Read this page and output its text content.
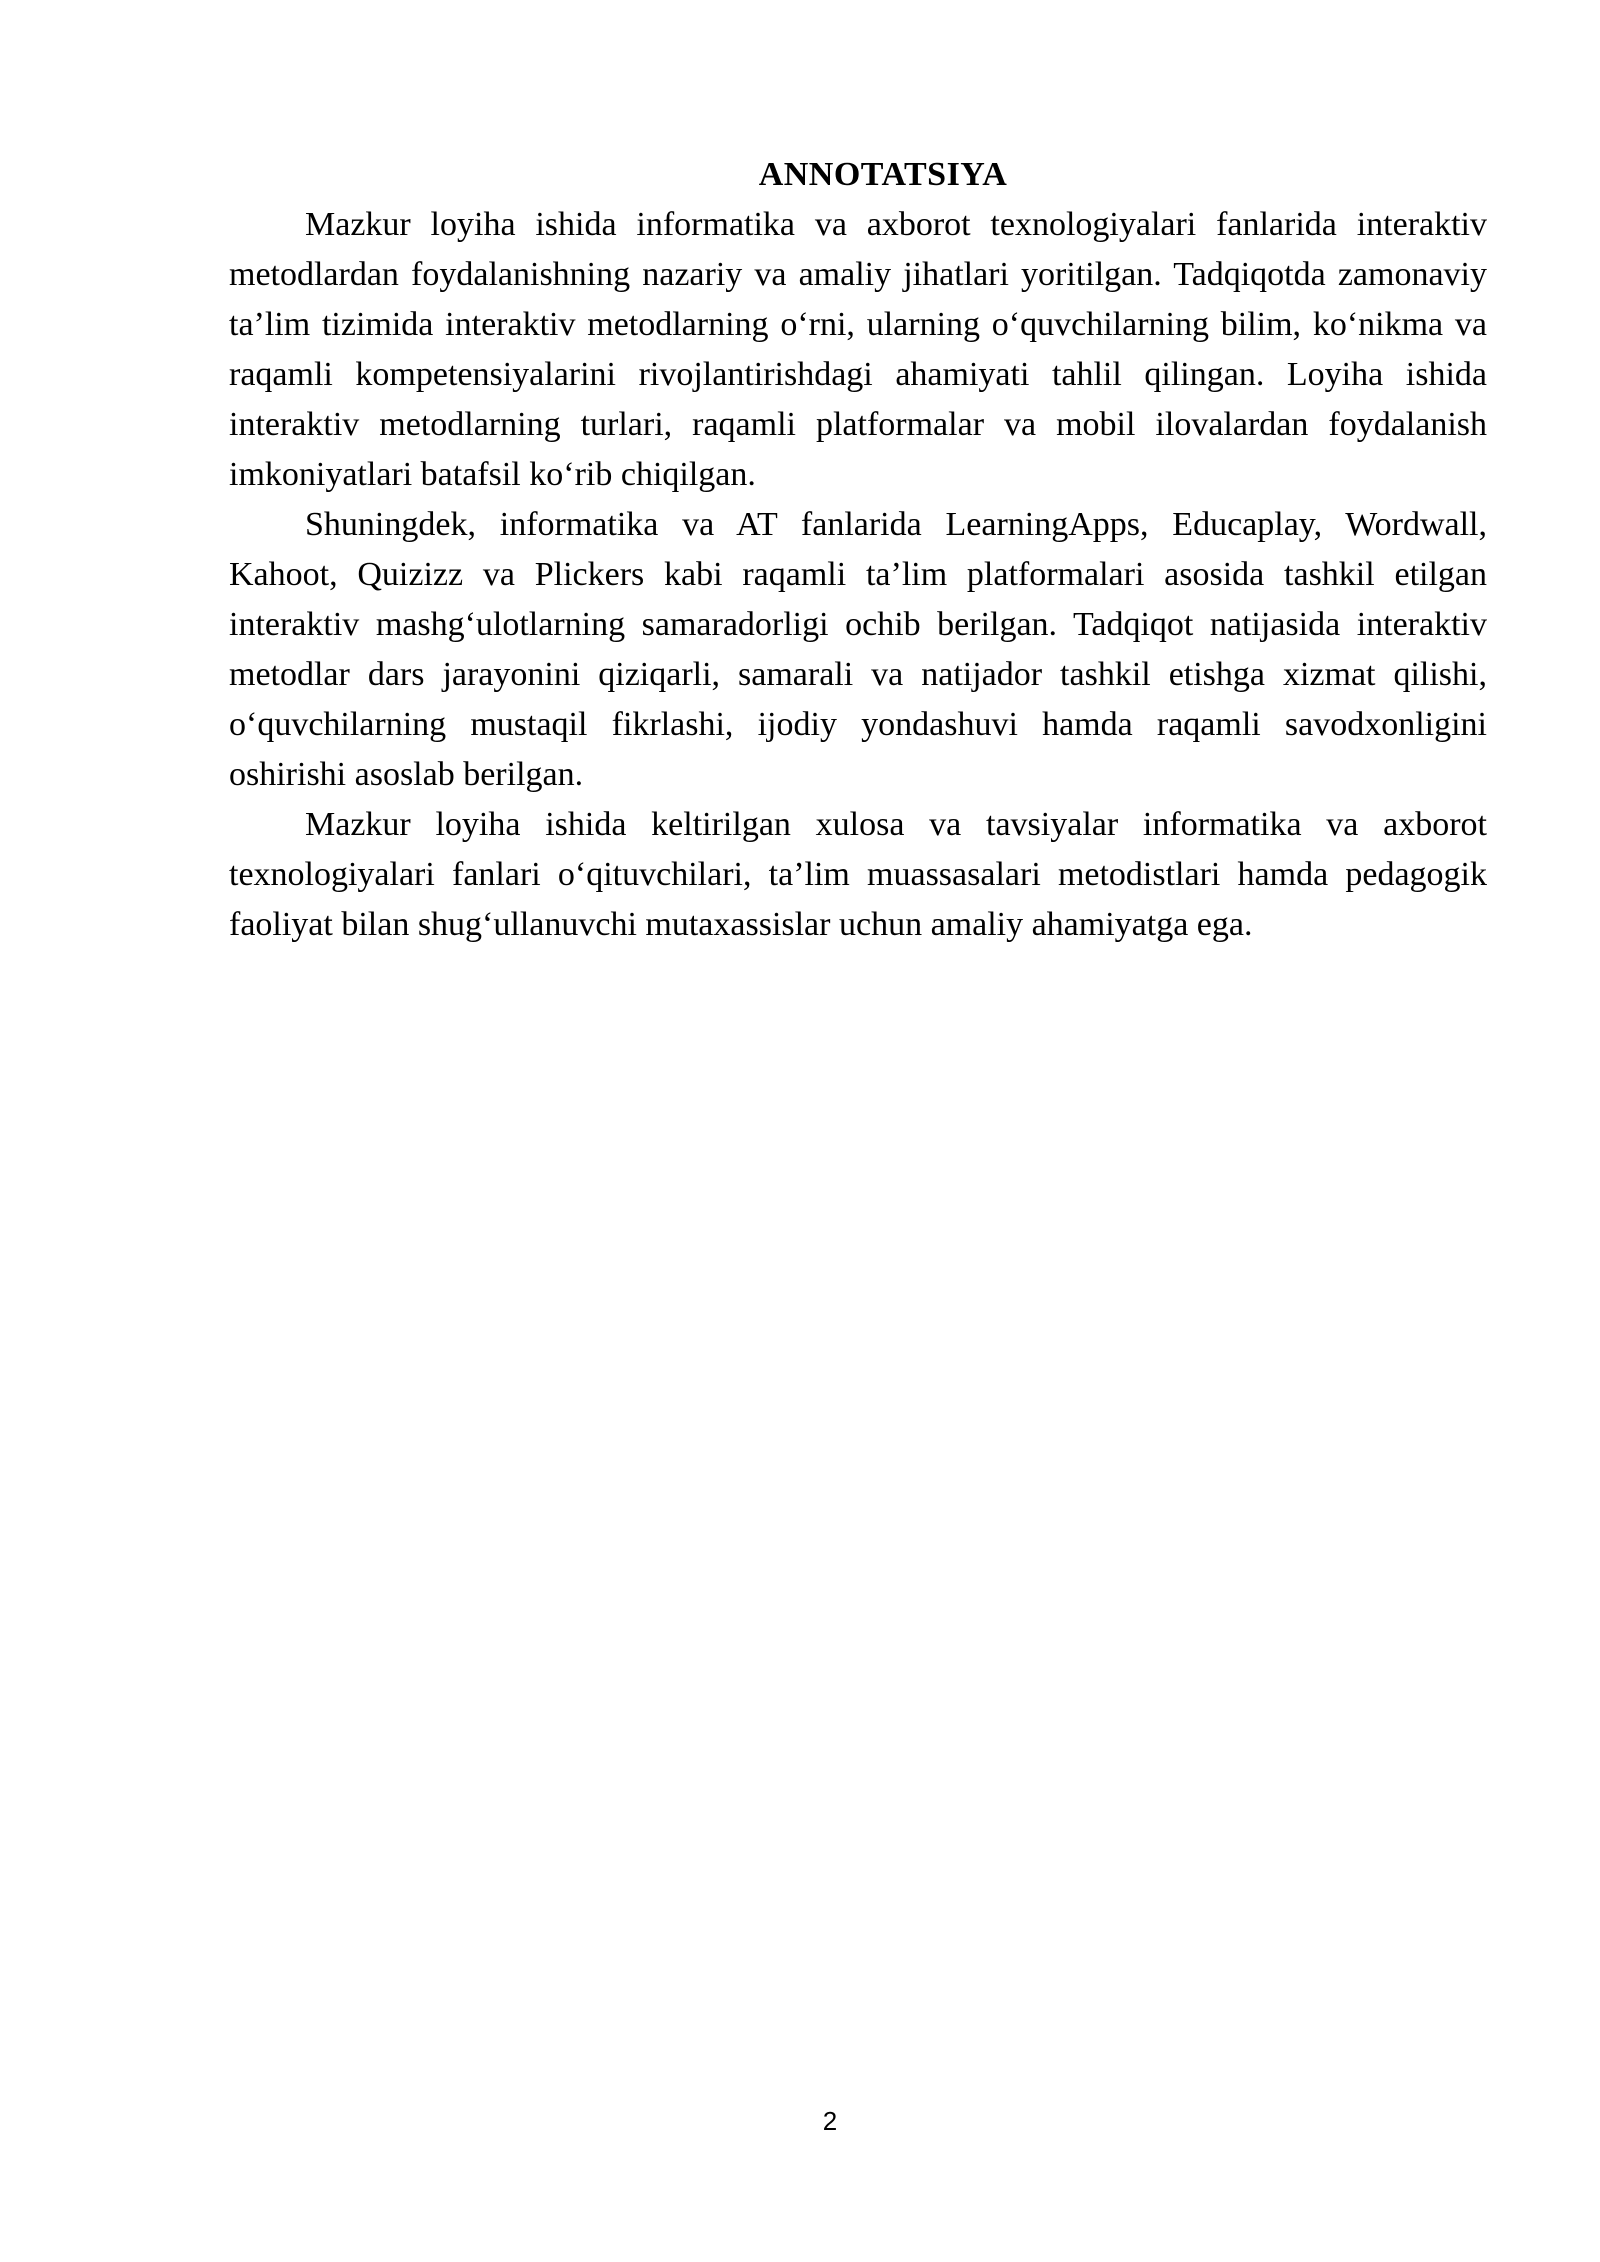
ANNOTATSIYA

Mazkur loyiha ishida informatika va axborot texnologiyalari fanlarida interaktiv metodlardan foydalanishning nazariy va amaliy jihatlari yoritilgan. Tadqiqotda zamonaviy ta’lim tizimida interaktiv metodlarning o‘rni, ularning o‘quvchilarning bilim, ko‘nikma va raqamli kompetensiyalarini rivojlantirishdagi ahamiyati tahlil qilingan. Loyiha ishida interaktiv metodlarning turlari, raqamli platformalar va mobil ilovalardan foydalanish imkoniyatlari batafsil ko‘rib chiqilgan.

Shuningdek, informatika va AT fanlarida LearningApps, Educaplay, Wordwall, Kahoot, Quizizz va Plickers kabi raqamli ta’lim platformalari asosida tashkil etilgan interaktiv mashg‘ulotlarning samaradorligi ochib berilgan. Tadqiqot natijasida interaktiv metodlar dars jarayonini qiziqarli, samarali va natijador tashkil etishga xizmat qilishi, o‘quvchilarning mustaqil fikrlashi, ijodiy yondashuvi hamda raqamli savodxonligini oshirishi asoslab berilgan.

Mazkur loyiha ishida keltirilgan xulosa va tavsiyalar informatika va axborot texnologiyalari fanlari o‘qituvchilari, ta’lim muassasalari metodistlari hamda pedagogik faoliyat bilan shug‘ullanuvchi mutaxassislar uchun amaliy ahamiyatga ega.

2
